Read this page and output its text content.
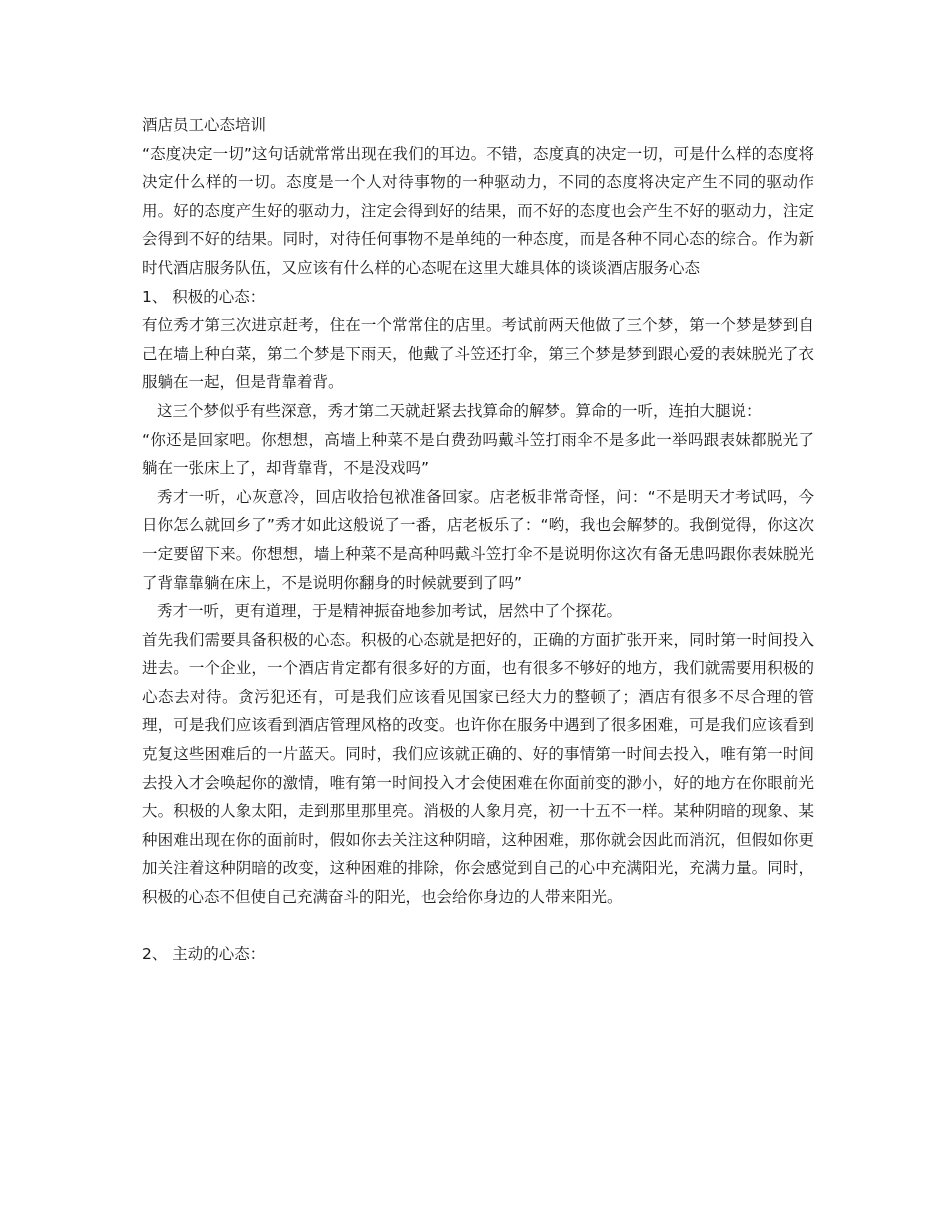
酒店员工心态培训

“态度决定一切”这句话就常常出现在我们的耳边。不错，态度真的决定一切，可是什么样的态度将决定什么样的一切。态度是一个人对待事物的一种驱动力，不同的态度将决定产生不同的驱动作用。好的态度产生好的驱动力，注定会得到好的结果，而不好的态度也会产生不好的驱动力，注定会得到不好的结果。同时，对待任何事物不是单纯的一种态度，而是各种不同心态的综合。作为新时代酒店服务队伍，又应该有什么样的心态呢在这里大雄具体的谈谈酒店服务心态

1、 积极的心态：

有位秀才第三次进京赶考，住在一个常常住的店里。考试前两天他做了三个梦，第一个梦是梦到自己在墙上种白菜，第二个梦是下雨天，他戴了斗笠还打伞，第三个梦是梦到跟心爱的表妹脱光了衣服躺在一起，但是背靠着背。

这三个梦似乎有些深意，秀才第二天就赶紧去找算命的解梦。算命的一听，连拍大腿说：

“你还是回家吧。你想想，高墙上种菜不是白费劲吗戴斗笠打雨伞不是多此一举吗跟表妹都脱光了躺在一张床上了，却背靠背，不是没戏吗”

秀才一听，心灰意冷，回店收拾包袱准备回家。店老板非常奇怪，问：“不是明天才考试吗，今日你怎么就回乡了”秀才如此这般说了一番，店老板乐了：“哟，我也会解梦的。我倒觉得，你这次一定要留下来。你想想，墙上种菜不是高种吗戴斗笠打伞不是说明你这次有备无患吗跟你表妹脱光了背靠靠躺在床上，不是说明你翻身的时候就要到了吗”

秀才一听，更有道理，于是精神振奋地参加考试，居然中了个探花。

首先我们需要具备积极的心态。积极的心态就是把好的，正确的方面扩张开来，同时第一时间投入进去。一个企业，一个酒店肯定都有很多好的方面，也有很多不够好的地方，我们就需要用积极的心态去对待。贪污犯还有，可是我们应该看见国家已经大力的整顿了；酒店有很多不尽合理的管理，可是我们应该看到酒店管理风格的改变。也许你在服务中遇到了很多困难，可是我们应该看到克复这些困难后的一片蓝天。同时，我们应该就正确的、好的事情第一时间去投入，唯有第一时间去投入才会唤起你的激情，唯有第一时间投入才会使困难在你面前变的渺小，好的地方在你眼前光大。积极的人象太阳，走到那里那里亮。消极的人象月亮，初一十五不一样。某种阴暗的现象、某种困难出现在你的面前时，假如你去关注这种阴暗，这种困难，那你就会因此而消沉，但假如你更加关注着这种阴暗的改变，这种困难的排除，你会感觉到自己的心中充满阳光，充满力量。同时，积极的心态不但使自己充满奋斗的阳光，也会给你身边的人带来阳光。

2、 主动的心态：
